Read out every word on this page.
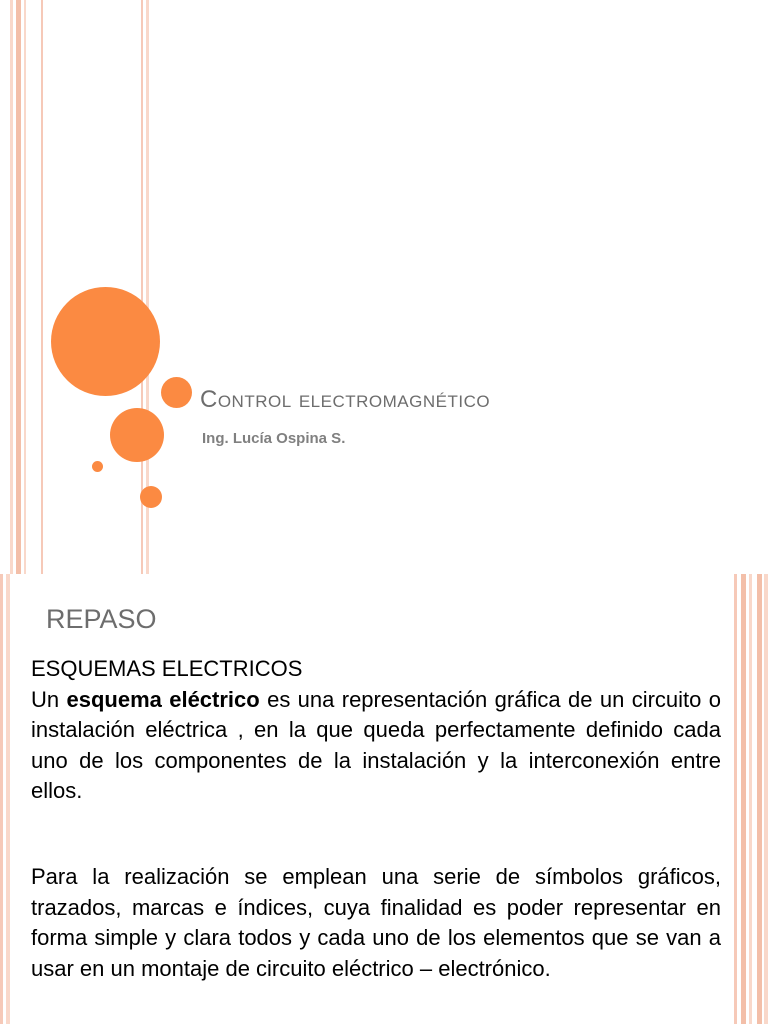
Control electromagnético
Ing. Lucía Ospina S.
REPASO

ESQUEMAS ELECTRICOS

Un esquema eléctrico es una representación gráfica de un circuito o instalación eléctrica , en la que queda perfectamente definido cada uno de los componentes de la instalación y la interconexión entre ellos.

Para la realización se emplean una serie de símbolos gráficos, trazados, marcas e índices, cuya finalidad es poder representar en forma simple y clara todos y cada uno de los elementos que se van a usar en un montaje de circuito eléctrico – electrónico.
